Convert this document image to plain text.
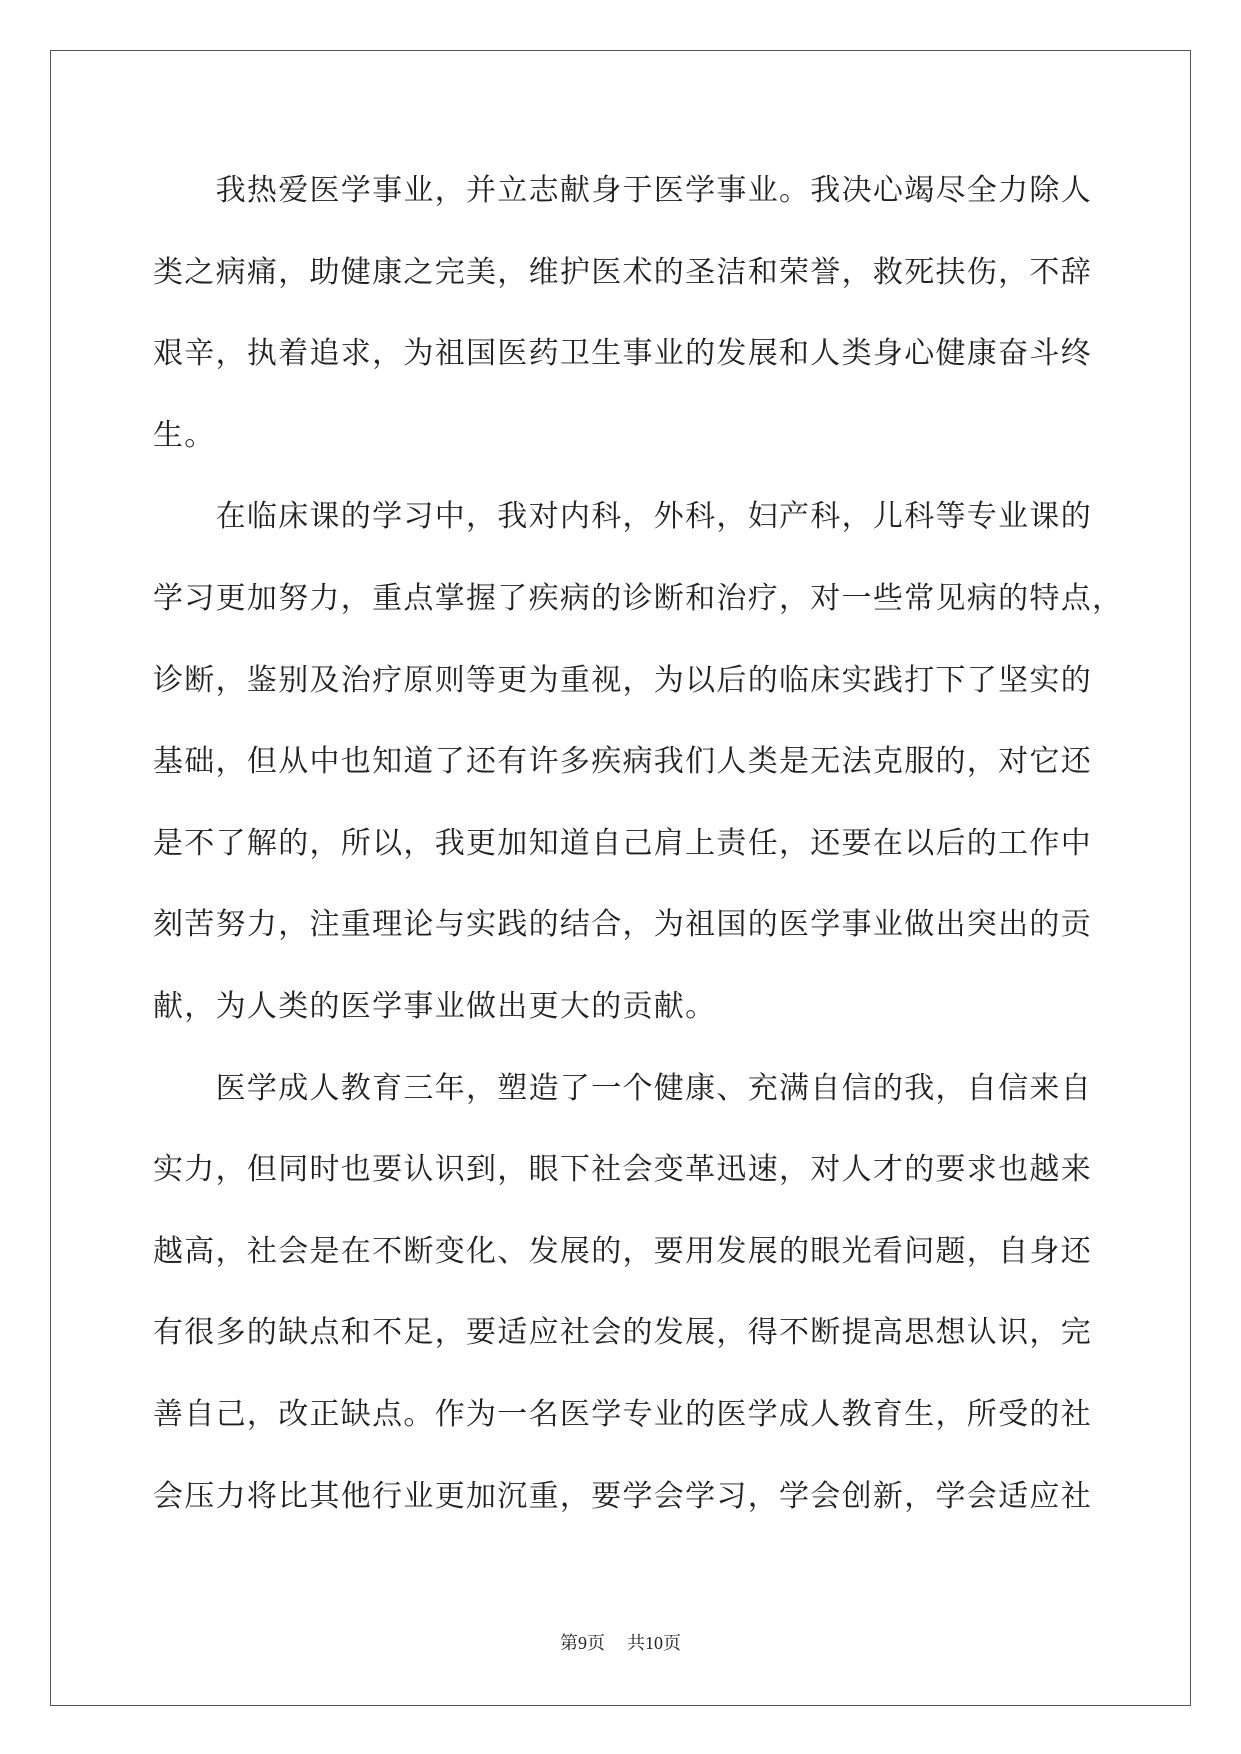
我热爱医学事业，并立志献身于医学事业。我决心竭尽全力除人
类之病痛，助健康之完美，维护医术的圣洁和荣誉，救死扶伤，不辞
艰辛，执着追求，为祖国医药卫生事业的发展和人类身心健康奋斗终
生。
在临床课的学习中，我对内科，外科，妇产科，儿科等专业课的
学习更加努力，重点掌握了疾病的诊断和治疗，对一些常见病的特点，
诊断，鉴别及治疗原则等更为重视，为以后的临床实践打下了坚实的
基础，但从中也知道了还有许多疾病我们人类是无法克服的，对它还
是不了解的，所以，我更加知道自己肩上责任，还要在以后的工作中
刻苦努力，注重理论与实践的结合，为祖国的医学事业做出突出的贡
献，为人类的医学事业做出更大的贡献。
医学成人教育三年，塑造了一个健康、充满自信的我，自信来自
实力，但同时也要认识到，眼下社会变革迅速，对人才的要求也越来
越高，社会是在不断变化、发展的，要用发展的眼光看问题，自身还
有很多的缺点和不足，要适应社会的发展，得不断提高思想认识，完
善自己，改正缺点。作为一名医学专业的医学成人教育生，所受的社
会压力将比其他行业更加沉重，要学会学习，学会创新，学会适应社
第9页 共10页
